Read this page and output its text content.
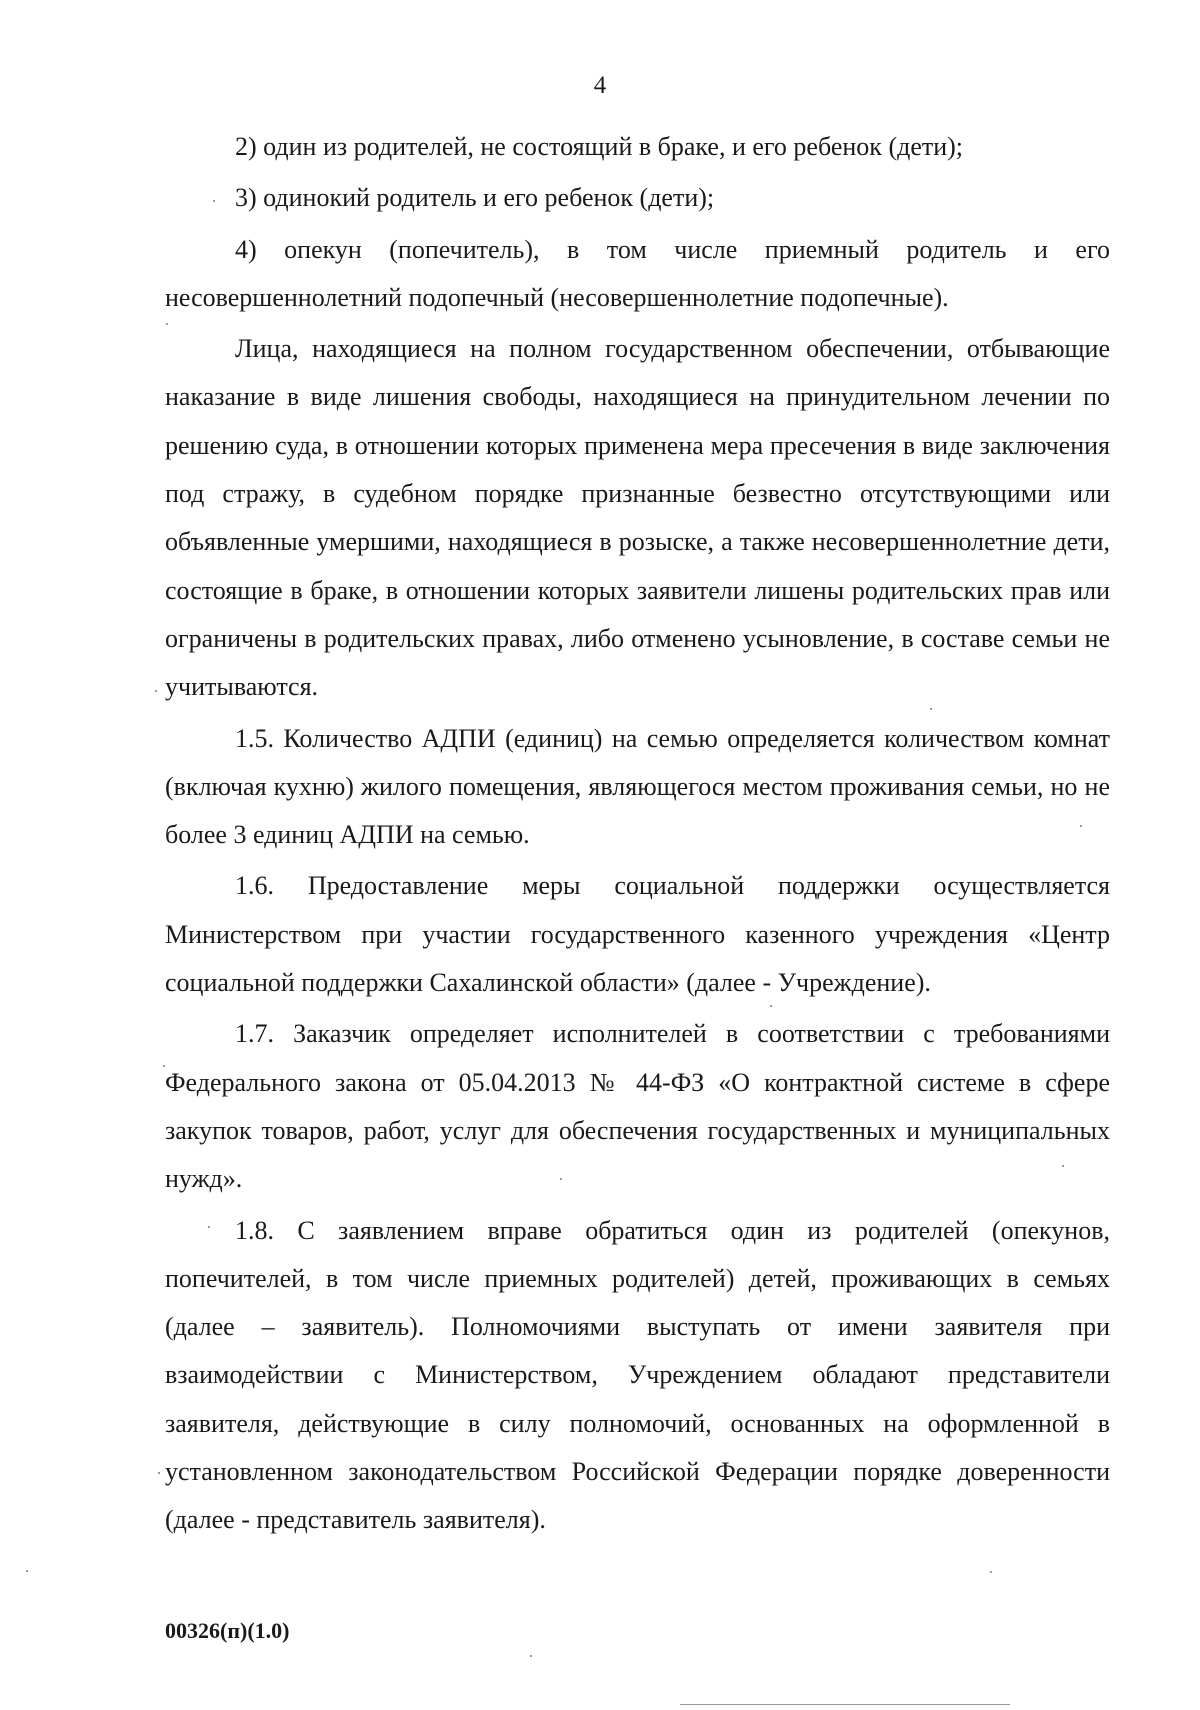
4

2) один из родителей, не состоящий в браке, и его ребенок (дети);

3) одинокий родитель и его ребенок (дети);

4) опекун (попечитель), в том числе приемный родитель и его несовершеннолетний подопечный (несовершеннолетние подопечные).

Лица, находящиеся на полном государственном обеспечении, отбывающие наказание в виде лишения свободы, находящиеся на принудительном лечении по решению суда, в отношении которых применена мера пресечения в виде заключения под стражу, в судебном порядке признанные безвестно отсутствующими или объявленные умершими, находящиеся в розыске, а также несовершеннолетние дети, состоящие в браке, в отношении которых заявители лишены родительских прав или ограничены в родительских правах, либо отменено усыновление, в составе семьи не учитываются.

1.5. Количество АДПИ (единиц) на семью определяется количеством комнат (включая кухню) жилого помещения, являющегося местом проживания семьи, но не более 3 единиц АДПИ на семью.

1.6. Предоставление меры социальной поддержки осуществляется Министерством при участии государственного казенного учреждения «Центр социальной поддержки Сахалинской области» (далее - Учреждение).

1.7. Заказчик определяет исполнителей в соответствии с требованиями Федерального закона от 05.04.2013 № 44-ФЗ «О контрактной системе в сфере закупок товаров, работ, услуг для обеспечения государственных и муниципальных нужд».

1.8. С заявлением вправе обратиться один из родителей (опекунов, попечителей, в том числе приемных родителей) детей, проживающих в семьях (далее – заявитель). Полномочиями выступать от имени заявителя при взаимодействии с Министерством, Учреждением обладают представители заявителя, действующие в силу полномочий, основанных на оформленной в установленном законодательством Российской Федерации порядке доверенности (далее - представитель заявителя).

00326(п)(1.0)
